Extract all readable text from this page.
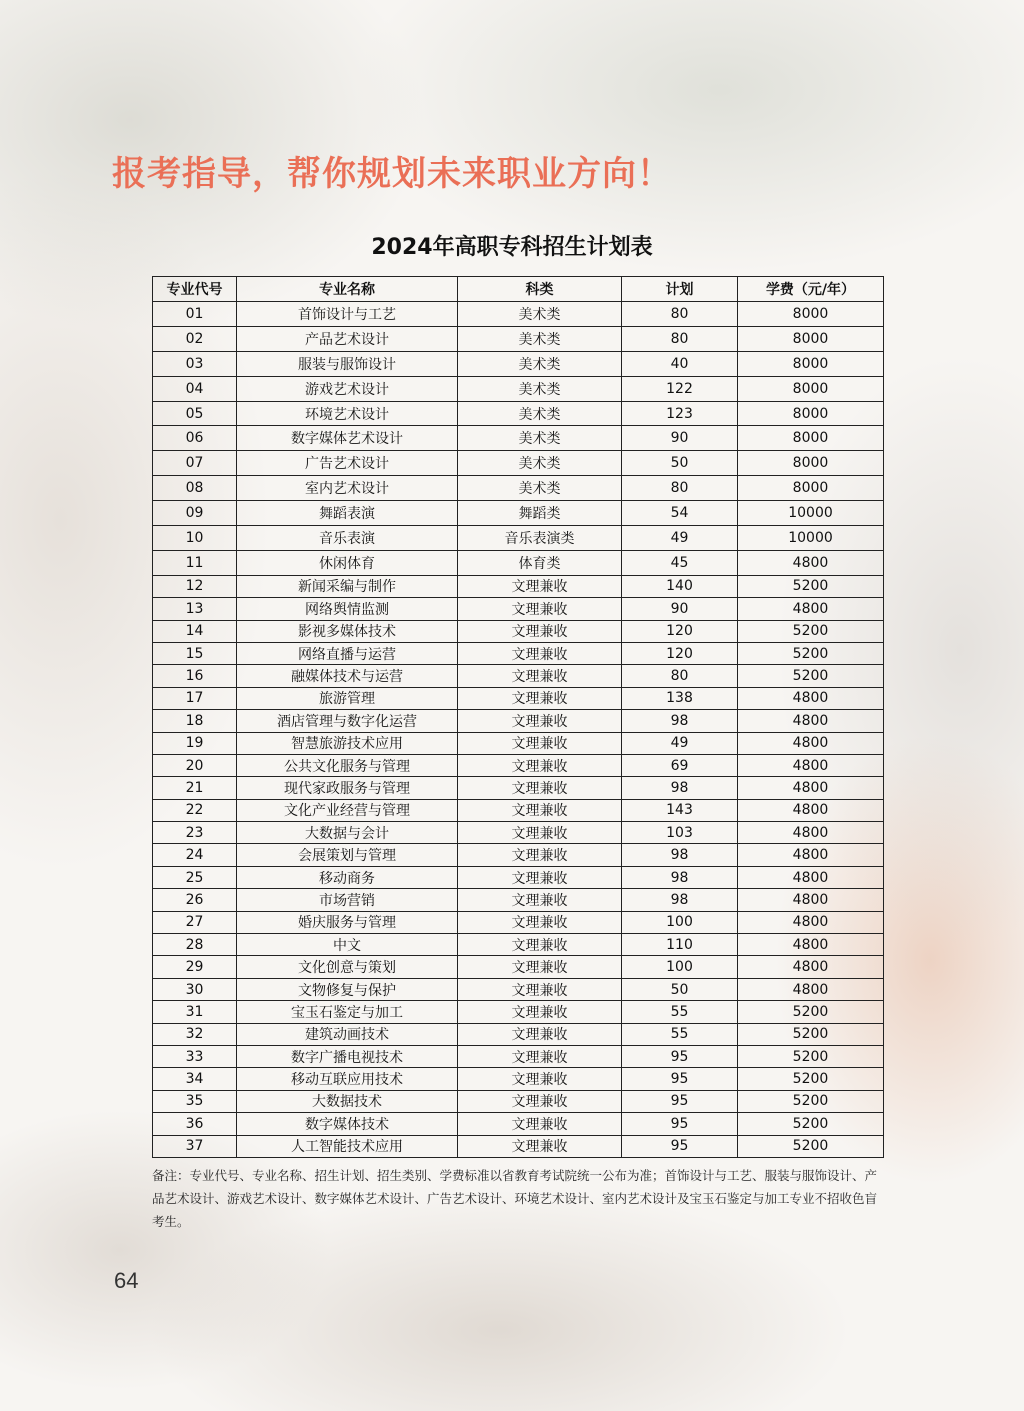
报考指导，帮你规划未来职业方向！
2024年高职专科招生计划表
专业代号	专业名称	科类	计划	学费（元/年）
01	首饰设计与工艺	美术类	80	8000
02	产品艺术设计	美术类	80	8000
03	服装与服饰设计	美术类	40	8000
04	游戏艺术设计	美术类	122	8000
05	环境艺术设计	美术类	123	8000
06	数字媒体艺术设计	美术类	90	8000
07	广告艺术设计	美术类	50	8000
08	室内艺术设计	美术类	80	8000
09	舞蹈表演	舞蹈类	54	10000
10	音乐表演	音乐表演类	49	10000
11	休闲体育	体育类	45	4800
12	新闻采编与制作	文理兼收	140	5200
13	网络舆情监测	文理兼收	90	4800
14	影视多媒体技术	文理兼收	120	5200
15	网络直播与运营	文理兼收	120	5200
16	融媒体技术与运营	文理兼收	80	5200
17	旅游管理	文理兼收	138	4800
18	酒店管理与数字化运营	文理兼收	98	4800
19	智慧旅游技术应用	文理兼收	49	4800
20	公共文化服务与管理	文理兼收	69	4800
21	现代家政服务与管理	文理兼收	98	4800
22	文化产业经营与管理	文理兼收	143	4800
23	大数据与会计	文理兼收	103	4800
24	会展策划与管理	文理兼收	98	4800
25	移动商务	文理兼收	98	4800
26	市场营销	文理兼收	98	4800
27	婚庆服务与管理	文理兼收	100	4800
28	中文	文理兼收	110	4800
29	文化创意与策划	文理兼收	100	4800
30	文物修复与保护	文理兼收	50	4800
31	宝玉石鉴定与加工	文理兼收	55	5200
32	建筑动画技术	文理兼收	55	5200
33	数字广播电视技术	文理兼收	95	5200
34	移动互联应用技术	文理兼收	95	5200
35	大数据技术	文理兼收	95	5200
36	数字媒体技术	文理兼收	95	5200
37	人工智能技术应用	文理兼收	95	5200
备注：专业代号、专业名称、招生计划、招生类别、学费标准以省教育考试院统一公布为准；首饰设计与工艺、服装与服饰设计、产品艺术设计、游戏艺术设计、数字媒体艺术设计、广告艺术设计、环境艺术设计、室内艺术设计及宝玉石鉴定与加工专业不招收色盲考生。
64
